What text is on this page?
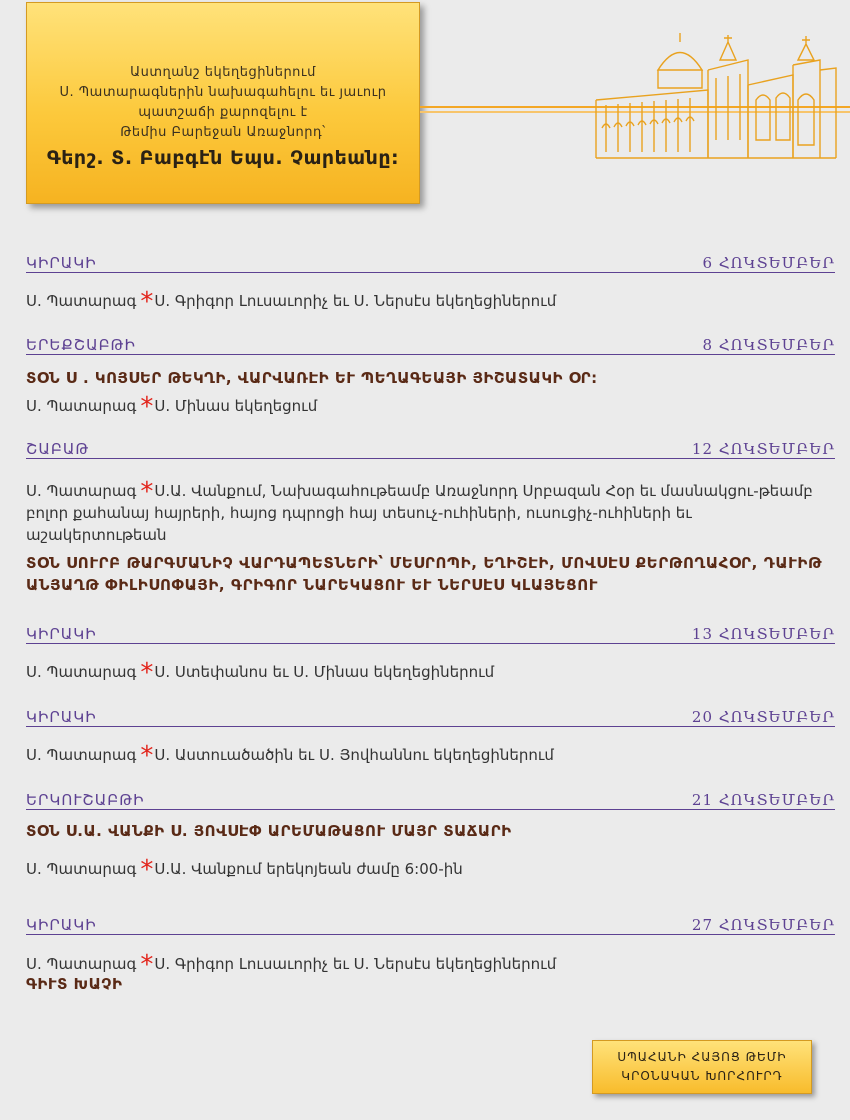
Աստղանշ եկեղեցիներում
Ս. Պատարագներին նախագահելու եւ յաւուր
պատշաճի քարոզելու է
Թեմիս Բարեջան Առաջնորդ՝
Գերշ. Տ. Բաբգէն Եպս. Չարեանը:
ԿԻՐԱԿԻ	6 ՀՈԿՏԵՄԲԵՐ
Ս. Պատարագ *Ս. Գրիգոր Լուսաւորիչ եւ Ս. Ներսէս եկեղեցիներում
ԵՐԵՔՇԱԲԹԻ	8 ՀՈԿՏԵՄԲԵՐ
ՏՕՆ Ս . ԿՈՅՍԵՐ ԹԵԿՂԻ, ՎԱՐՎԱՌԷԻ ԵՒ ՊԵՂԱԳԵԱՅԻ ՅԻՇԱՏԱԿԻ ՕՐ:
Ս. Պատարագ *Ս. Մինաս եկեղեցում
ՇԱԲԱԹ	12 ՀՈԿՏԵՄԲԵՐ
Ս. Պատարագ *Ս.Ա. Վանքում, Նախագահութեամբ Առաջնորդ Սրբազան Հօր եւ մասնակցու-թեամբ բոլոր քահանայ հայրերի, հայոց դպրոցի հայ տեսուչ-ուհիների, ուսուցիչ-ուհիների եւ աշակերտութեան
ՏՕՆ ՍՈՒՐԲ ԹԱՐԳՄԱՆԻՉ ՎԱՐԴԱՊԵՏՆԵՐԻ՝ ՄԵՍՐՈՊԻ, ԵՂԻՇԷԻ, ՄՈՎՍԷՍ ՔԵՐԹՈՂԱՀՕՐ, ԴԱՒԻԹ ԱՆՅԱՂԹ ՓԻԼԻՍՈՓԱՅԻ, ԳՐԻԳՈՐ ՆԱՐԵԿԱՑՈՒ ԵՒ ՆԵՐՍԷՍ ԿԼԱՅԵՑՈՒ
ԿԻՐԱԿԻ	13 ՀՈԿՏԵՄԲԵՐ
Ս. Պատարագ *Ս. Ստեփանոս եւ Ս. Մինաս եկեղեցիներում
ԿԻՐԱԿԻ	20 ՀՈԿՏԵՄԲԵՐ
Ս. Պատարագ *Ս. Աստուածածին եւ Ս. Յովհաննու եկեղեցիներում
ԵՐԿՈՒՇԱԲԹԻ	21 ՀՈԿՏԵՄԲԵՐ
ՏՕՆ Ս.Ա. ՎԱՆՔԻ Ս. ՅՈՎՍԷՓ ԱՐԵՄԱԹԱՑՈՒ ՄԱՅՐ ՏԱՃԱՐԻ
Ս. Պատարագ *Ս.Ա. Վանքում երեկոյեան ժամը 6:00-ին
ԿԻՐԱԿԻ	27 ՀՈԿՏԵՄԲԵՐ
Ս. Պատարագ *Ս. Գրիգոր Լուսաւորիչ եւ Ս. Ներսէս եկեղեցիներում
ԳԻՒՏ ԽԱՉԻ
ՍՊԱՀԱՆԻ ՀԱՅՈՑ ԹԵՄԻ
ԿՐՕՆԱԿԱՆ ԽՈՐՀՈՒՐԴ
